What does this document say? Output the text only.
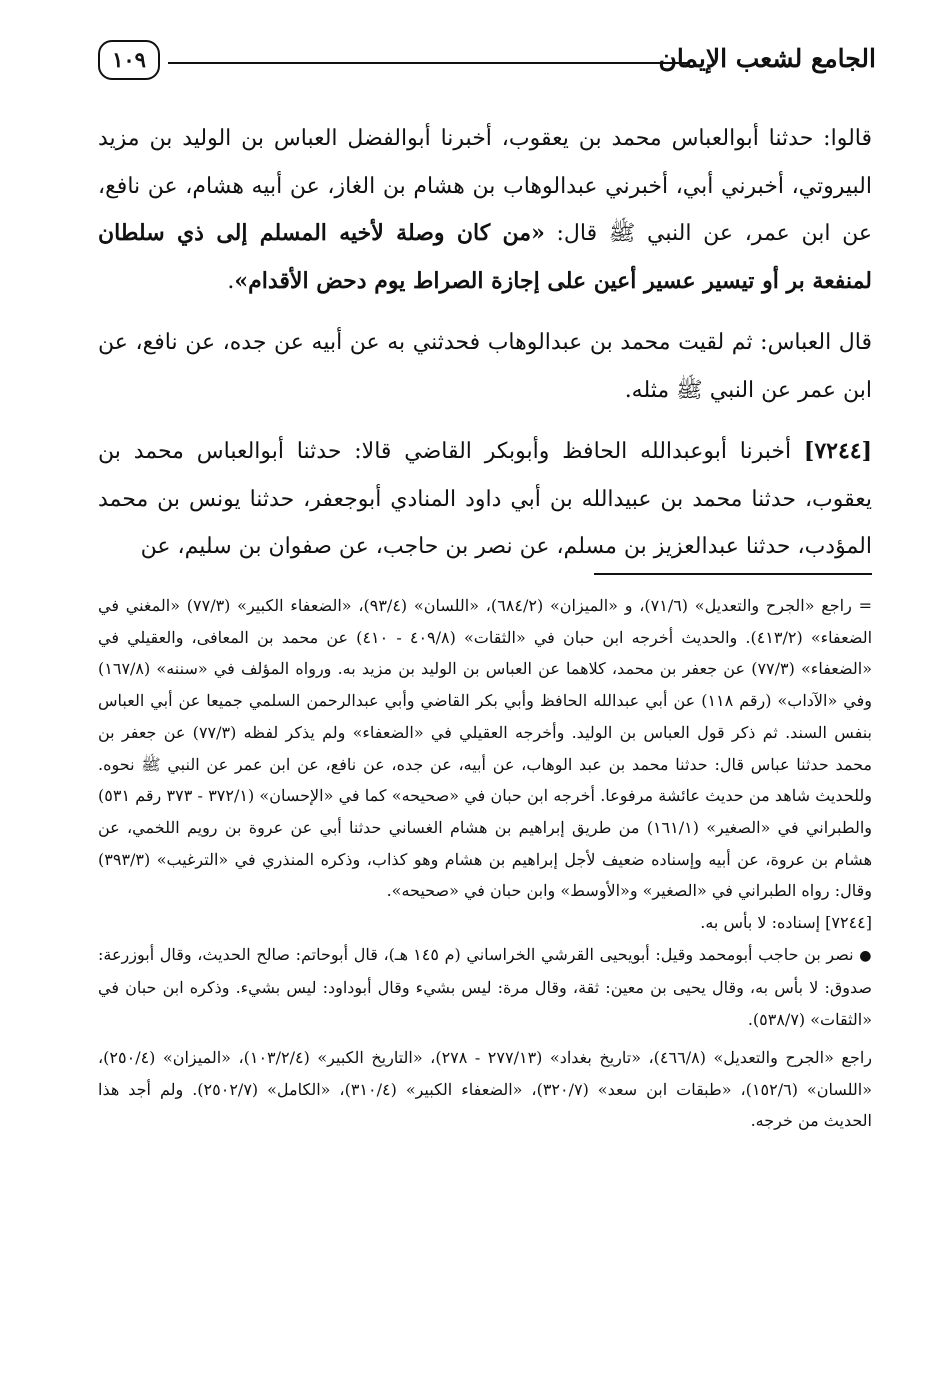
الجامع لشعب الإيمان
١٠٩

قالوا: حدثنا أبوالعباس محمد بن يعقوب، أخبرنا أبوالفضل العباس بن الوليد بن مزيد البيروتي، أخبرني أبي، أخبرني عبدالوهاب بن هشام بن الغاز، عن أبيه هشام، عن نافع، عن ابن عمر، عن النبي ﷺ قال: «من كان وصلة لأخيه المسلم إلى ذي سلطان لمنفعة بر أو تيسير عسير أعين على إجازة الصراط يوم دحض الأقدام».

قال العباس: ثم لقيت محمد بن عبدالوهاب فحدثني به عن أبيه عن جده، عن نافع، عن ابن عمر عن النبي ﷺ مثله.

[٧٢٤٤] أخبرنا أبوعبدالله الحافظ وأبوبكر القاضي قالا: حدثنا أبوالعباس محمد بن يعقوب، حدثنا محمد بن عبيدالله بن أبي داود المنادي أبوجعفر، حدثنا يونس بن محمد المؤدب، حدثنا عبدالعزيز بن مسلم، عن نصر بن حاجب، عن صفوان بن سليم، عن

= راجع «الجرح والتعديل» (٧١/٦)، و «الميزان» (٦٨٤/٢)، «اللسان» (٩٣/٤)، «الضعفاء الكبير» (٧٧/٣) «المغني في الضعفاء» (٤١٣/٢). والحديث أخرجه ابن حبان في «الثقات» (٤٠٩/٨ - ٤١٠) عن محمد بن المعافى، والعقيلي في «الضعفاء» (٧٧/٣) عن جعفر بن محمد، كلاهما عن العباس بن الوليد بن مزيد به. ورواه المؤلف في «سننه» (١٦٧/٨) وفي «الآداب» (رقم ١١٨) عن أبي عبدالله الحافظ وأبي بكر القاضي وأبي عبدالرحمن السلمي جميعا عن أبي العباس بنفس السند. ثم ذكر قول العباس بن الوليد. وأخرجه العقيلي في «الضعفاء» ولم يذكر لفظه (٧٧/٣) عن جعفر بن محمد حدثنا عباس قال: حدثنا محمد بن عبد الوهاب، عن أبيه، عن جده، عن نافع، عن ابن عمر عن النبي ﷺ نحوه. وللحديث شاهد من حديث عائشة مرفوعا. أخرجه ابن حبان في «صحيحه» كما في «الإحسان» (٣٧٢/١ - ٣٧٣ رقم ٥٣١) والطبراني في «الصغير» (١٦١/١) من طريق إبراهيم بن هشام الغساني حدثنا أبي عن عروة بن رويم اللخمي، عن هشام بن عروة، عن أبيه وإسناده ضعيف لأجل إبراهيم بن هشام وهو كذاب، وذكره المنذري في «الترغيب» (٣٩٣/٣) وقال: رواه الطبراني في «الصغير» و«الأوسط» وابن حبان في «صحيحه».

[٧٢٤٤] إسناده: لا بأس به.

● نصر بن حاجب أبومحمد وقيل: أبويحيى القرشي الخراساني (م ١٤٥ هـ)، قال أبوحاتم: صالح الحديث، وقال أبوزرعة: صدوق: لا بأس به، وقال يحيى بن معين: ثقة، وقال مرة: ليس بشيء وقال أبوداود: ليس بشيء. وذكره ابن حبان في «الثقات» (٥٣٨/٧).

راجع «الجرح والتعديل» (٤٦٦/٨)، «تاريخ بغداد» (٢٧٧/١٣ - ٢٧٨)، «التاريخ الكبير» (١٠٣/٢/٤)، «الميزان» (٢٥٠/٤)، «اللسان» (١٥٢/٦)، «طبقات ابن سعد» (٣٢٠/٧)، «الضعفاء الكبير» (٣١٠/٤)، «الكامل» (٢٥٠٢/٧). ولم أجد هذا الحديث من خرجه.
